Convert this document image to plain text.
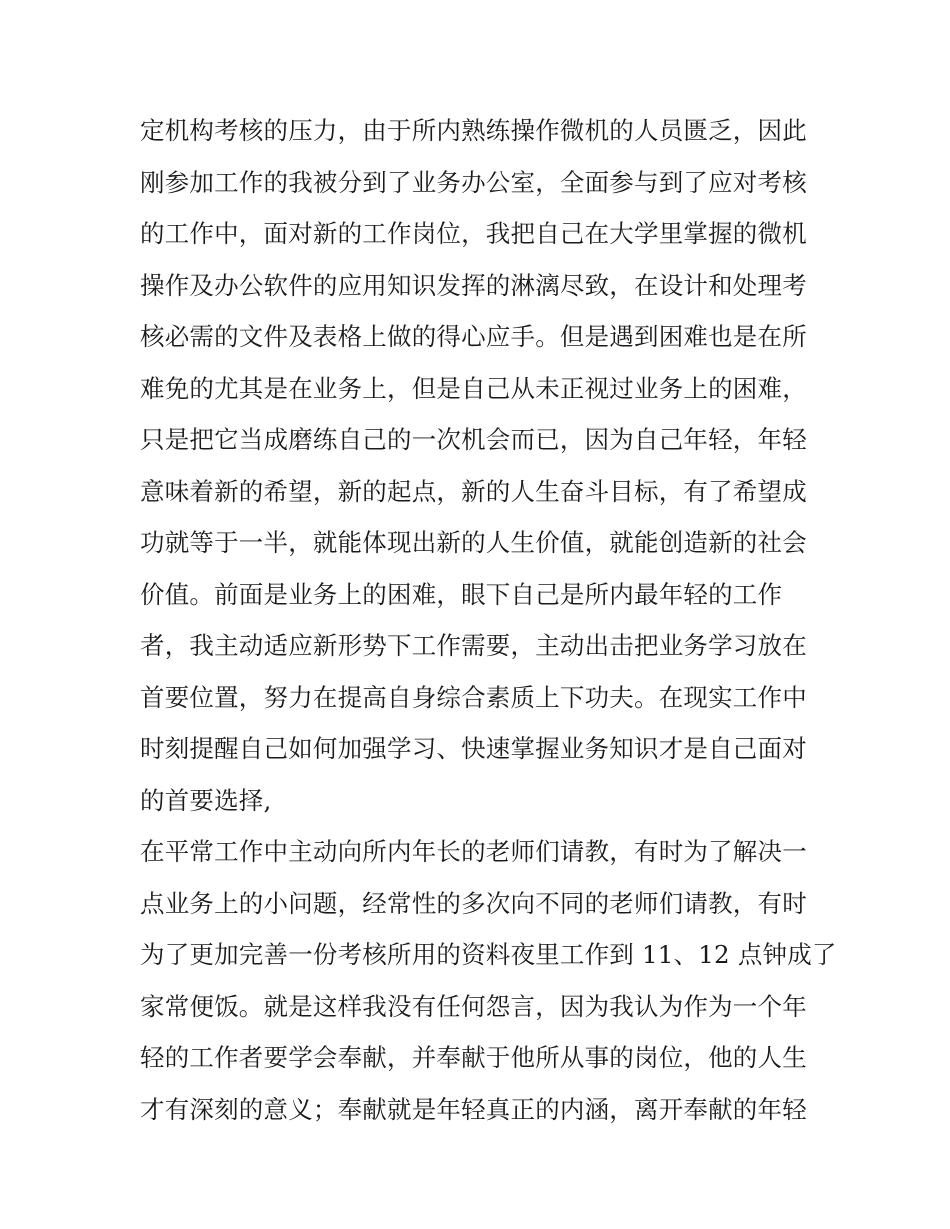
定机构考核的压力，由于所内熟练操作微机的人员匮乏，因此
刚参加工作的我被分到了业务办公室，全面参与到了应对考核
的工作中，面对新的工作岗位，我把自己在大学里掌握的微机
操作及办公软件的应用知识发挥的淋漓尽致，在设计和处理考
核必需的文件及表格上做的得心应手。但是遇到困难也是在所
难免的尤其是在业务上，但是自己从未正视过业务上的困难，
只是把它当成磨练自己的一次机会而已，因为自己年轻，年轻
意味着新的希望，新的起点，新的人生奋斗目标，有了希望成
功就等于一半，就能体现出新的人生价值，就能创造新的社会
价值。前面是业务上的困难，眼下自己是所内最年轻的工作
者，我主动适应新形势下工作需要，主动出击把业务学习放在
首要位置，努力在提高自身综合素质上下功夫。在现实工作中
时刻提醒自己如何加强学习、快速掌握业务知识才是自己面对
的首要选择,
在平常工作中主动向所内年长的老师们请教，有时为了解决一
点业务上的小问题，经常性的多次向不同的老师们请教，有时
为了更加完善一份考核所用的资料夜里工作到 11、12 点钟成了
家常便饭。就是这样我没有任何怨言，因为我认为作为一个年
轻的工作者要学会奉献，并奉献于他所从事的岗位，他的人生
才有深刻的意义；奉献就是年轻真正的内涵，离开奉献的年轻
